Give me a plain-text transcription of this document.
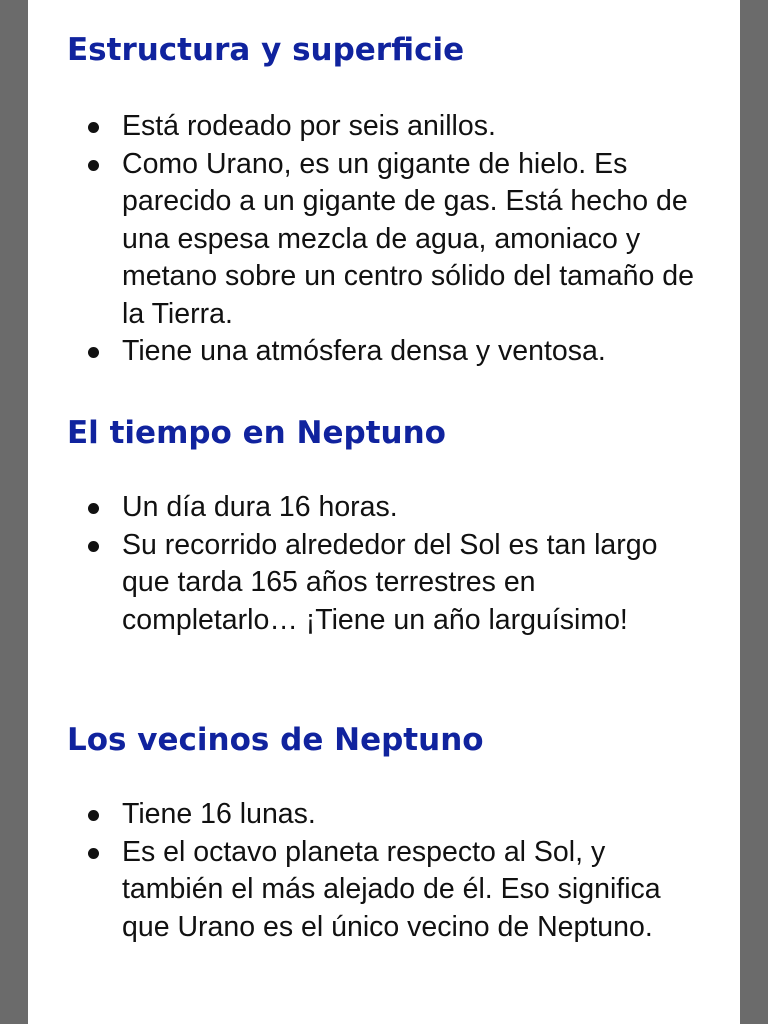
Estructura y superficie
Está rodeado por seis anillos.
Como Urano, es un gigante de hielo. Es parecido a un gigante de gas. Está hecho de una espesa mezcla de agua, amoniaco y metano sobre un centro sólido del tamaño de la Tierra.
Tiene una atmósfera densa y ventosa.
El tiempo en Neptuno
Un día dura 16 horas.
Su recorrido alrededor del Sol es tan largo que tarda 165 años terrestres en completarlo… ¡Tiene un año larguísimo!
Los vecinos de Neptuno
Tiene 16 lunas.
Es el octavo planeta respecto al Sol, y también el más alejado de él. Eso significa que Urano es el único vecino de Neptuno.
